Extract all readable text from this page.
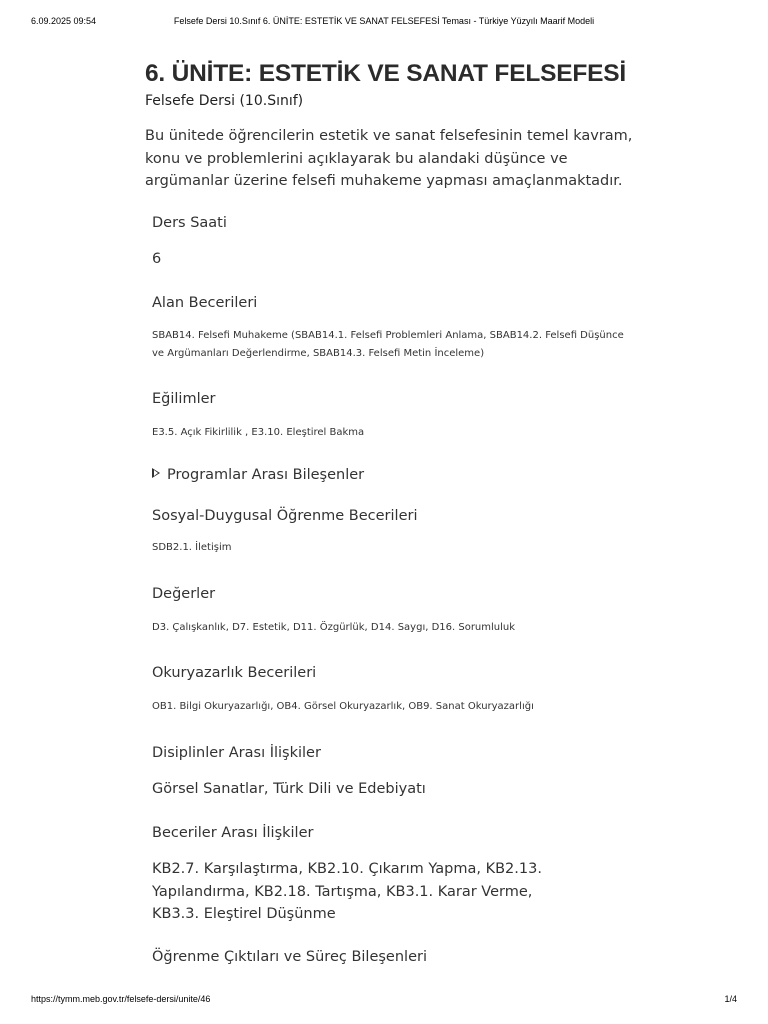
6.09.2025 09:54	Felsefe Dersi 10.Sınıf 6. ÜNİTE: ESTETİK VE SANAT FELSEFESİ Teması - Türkiye Yüzyılı Maarif Modeli
6. ÜNİTE: ESTETİK VE SANAT FELSEFESİ
Felsefe Dersi (10.Sınıf)
Bu ünitede öğrencilerin estetik ve sanat felsefesinin temel kavram, konu ve problemlerini açıklayarak bu alandaki düşünce ve argümanlar üzerine felsefi muhakeme yapması amaçlanmaktadır.
Ders Saati
6
Alan Becerileri
SBAB14. Felsefi Muhakeme (SBAB14.1. Felsefi Problemleri Anlama, SBAB14.2. Felsefi Düşünce ve Argümanları Değerlendirme, SBAB14.3. Felsefi Metin İnceleme)
Eğilimler
E3.5. Açık Fikirlilik , E3.10. Eleştirel Bakma
Programlar Arası Bileşenler
Sosyal-Duygusal Öğrenme Becerileri
SDB2.1. İletişim
Değerler
D3. Çalışkanlık, D7. Estetik, D11. Özgürlük, D14. Saygı, D16. Sorumluluk
Okuryazarlık Becerileri
OB1. Bilgi Okuryazarlığı, OB4. Görsel Okuryazarlık, OB9. Sanat Okuryazarlığı
Disiplinler Arası İlişkiler
Görsel Sanatlar, Türk Dili ve Edebiyatı
Beceriler Arası İlişkiler
KB2.7. Karşılaştırma, KB2.10. Çıkarım Yapma, KB2.13. Yapılandırma, KB2.18. Tartışma, KB3.1. Karar Verme, KB3.3. Eleştirel Düşünme
Öğrenme Çıktıları ve Süreç Bileşenleri
https://tymm.meb.gov.tr/felsefe-dersi/unite/46	1/4
